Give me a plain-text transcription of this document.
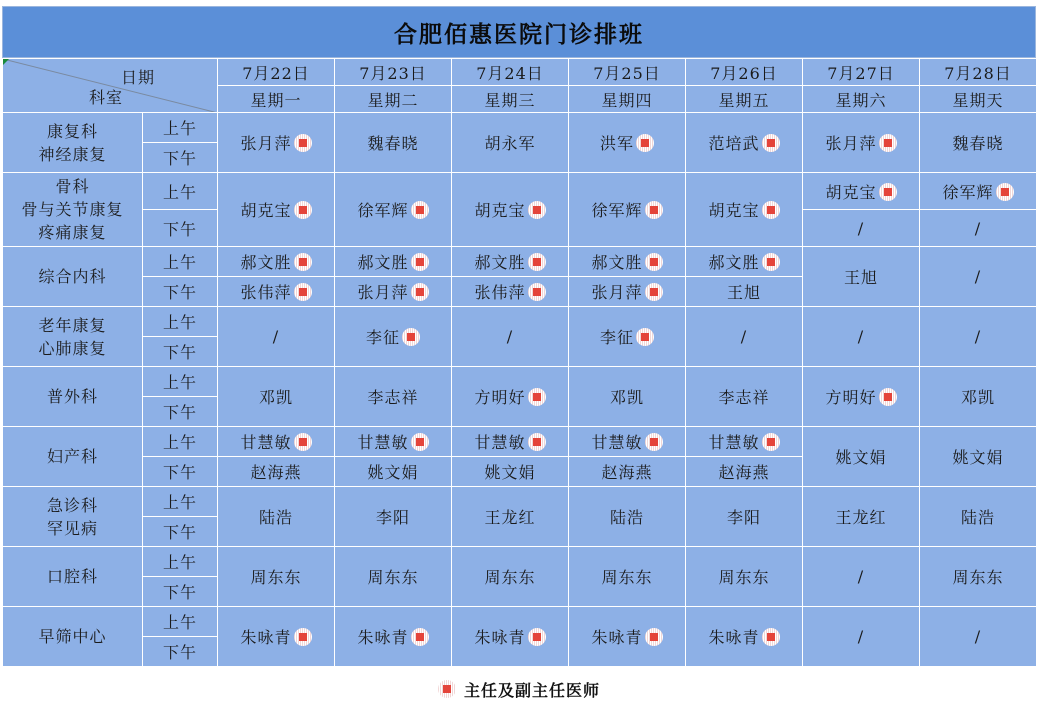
合肥佰惠医院门诊排班
日期
科室		7月22日	7月23日	7月24日	7月25日	7月26日	7月27日	7月28日
		星期一	星期二	星期三	星期四	星期五	星期六	星期天

康复科
神经康复	上午	张月萍	魏春晓	胡永军	洪军	范培武	张月萍	魏春晓
	下午							

骨科
骨与关节康复
疼痛康复	上午	胡克宝	徐军辉	胡克宝	徐军辉	胡克宝	胡克宝	徐军辉
	下午						/	/

综合内科	上午	郝文胜	郝文胜	郝文胜	郝文胜	郝文胜	王旭	/
	下午	张伟萍	张月萍	张伟萍	张月萍	王旭		

老年康复
心肺康复	上午	/	李征	/	李征	/	/	/
	下午							

普外科	上午	邓凯	李志祥	方明好	邓凯	李志祥	方明好	邓凯
	下午							

妇产科	上午	甘慧敏	甘慧敏	甘慧敏	甘慧敏	甘慧敏	姚文娟	姚文娟
	下午	赵海燕	姚文娟	姚文娟	赵海燕	赵海燕		

急诊科
罕见病	上午	陆浩	李阳	王龙红	陆浩	李阳	王龙红	陆浩
	下午							

口腔科	上午	周东东	周东东	周东东	周东东	周东东	/	周东东
	下午							

早筛中心	上午	朱咏青	朱咏青	朱咏青	朱咏青	朱咏青	/	/
	下午							
主任及副主任医师
